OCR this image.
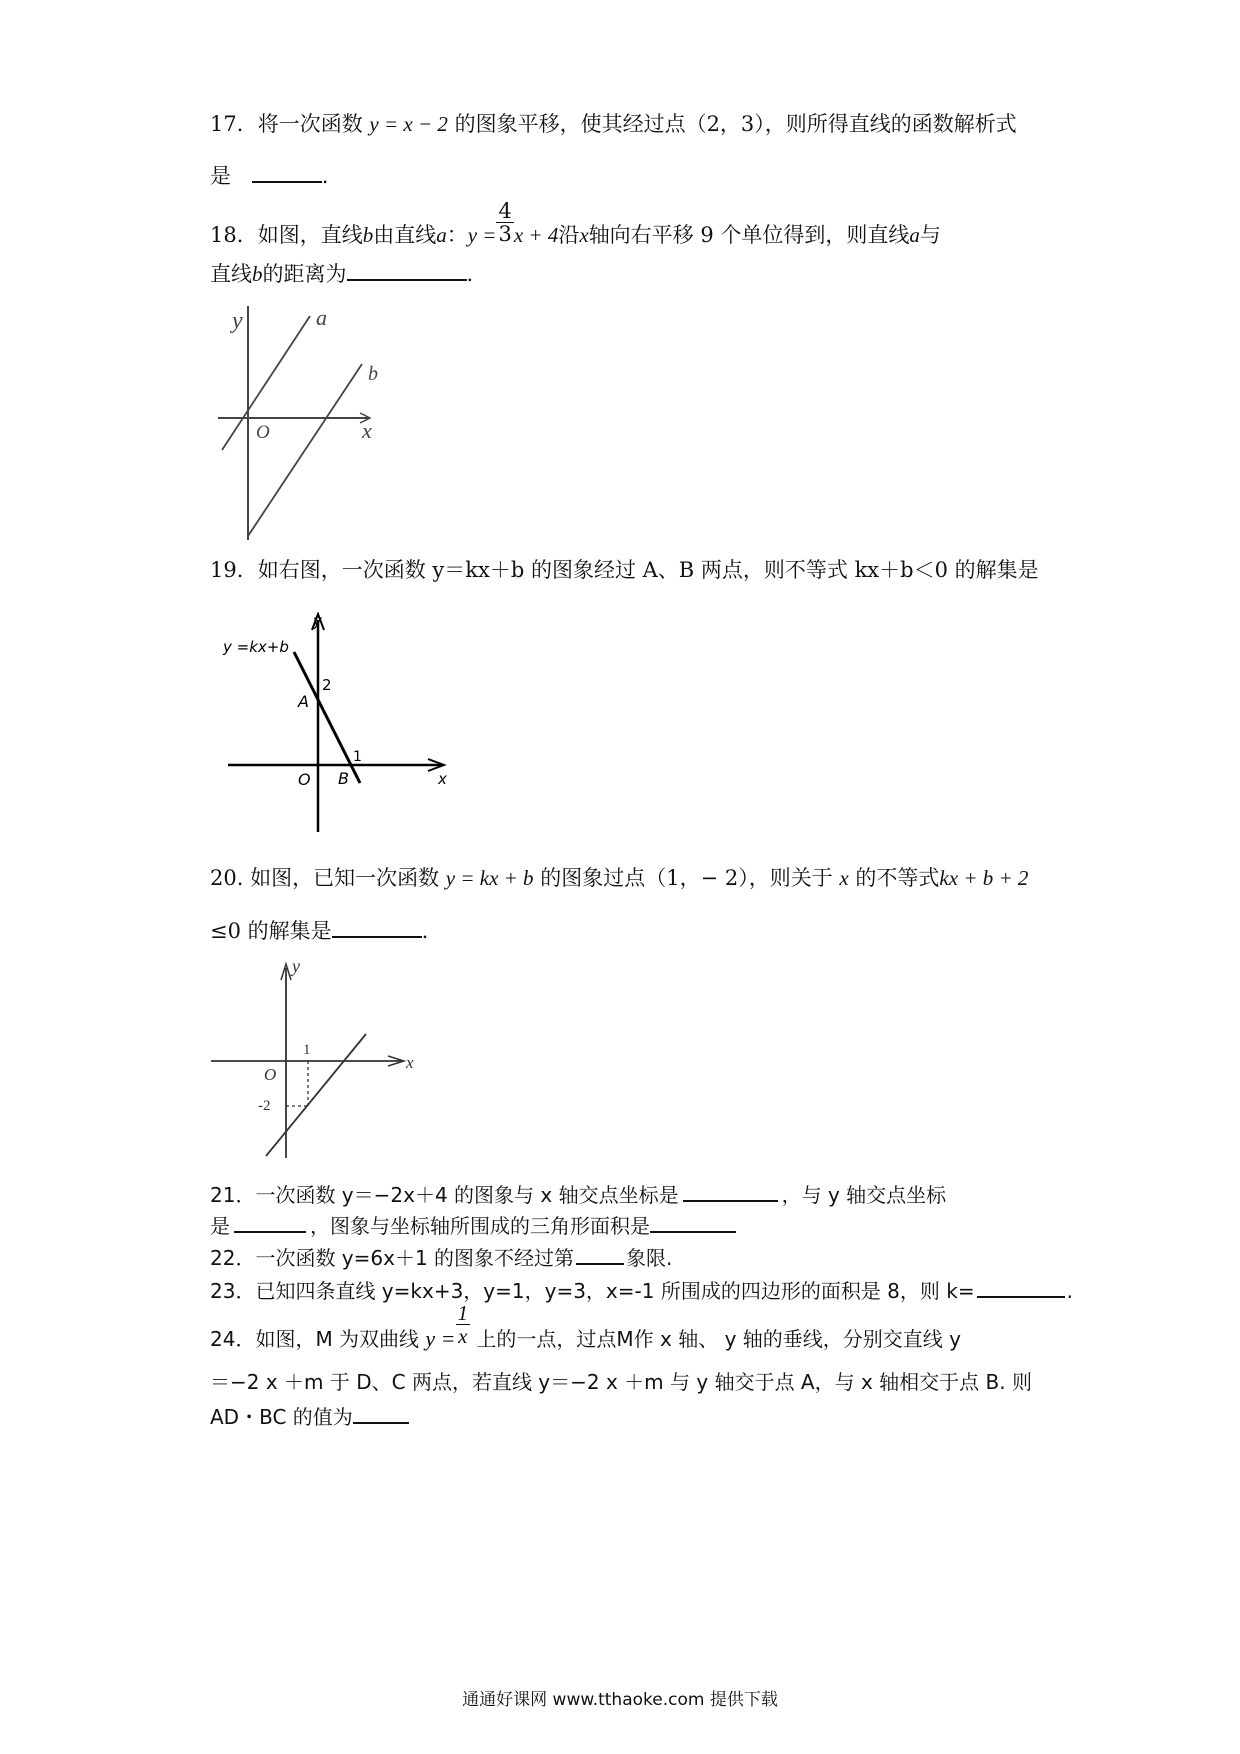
17．将一次函数 y = x − 2 的图象平移，使其经过点（2，3），则所得直线的函数解析式
是	.
18．如图，直线b由直线a：$y = \frac{4}{3}$ x + 4沿x轴向右平移 9 个单位得到，则直线a与
直线b的距离为	.
y	a
b
O	x
19．如右图，一次函数 y＝kx＋b 的图象经过 A、B 两点，则不等式 kx＋b＜0 的解集是
y =kx+b
y
2
A
1
O B	x
20. 如图，已知一次函数 y = kx + b 的图象过点（1，− 2），则关于 x 的不等式kx + b + 2
≤0 的解集是	.
y
1
O
x
-2
21．一次函数 y＝−2x＋4 的图象与 x 轴交点坐标是	，与 y 轴交点坐标
是	，图象与坐标轴所围成的三角形面积是
22．一次函数 y=6x＋1 的图象不经过第	象限.
23．已知四条直线 y=kx+3，y=1，y=3，x=-1 所围成的四边形的面积是 8，则 k=	.
24．如图，M 为双曲线 $y = \frac{1}{x}$ 上的一点，过点M作 x 轴、 y 轴的垂线，分别交直线 y
＝−2 x ＋m 于 D、C 两点，若直线 y＝−2 x ＋m 与 y 轴交于点 A，与 x 轴相交于点 B. 则
AD・BC 的值为
通通好课网 www.tthaoke.com 提供下载
